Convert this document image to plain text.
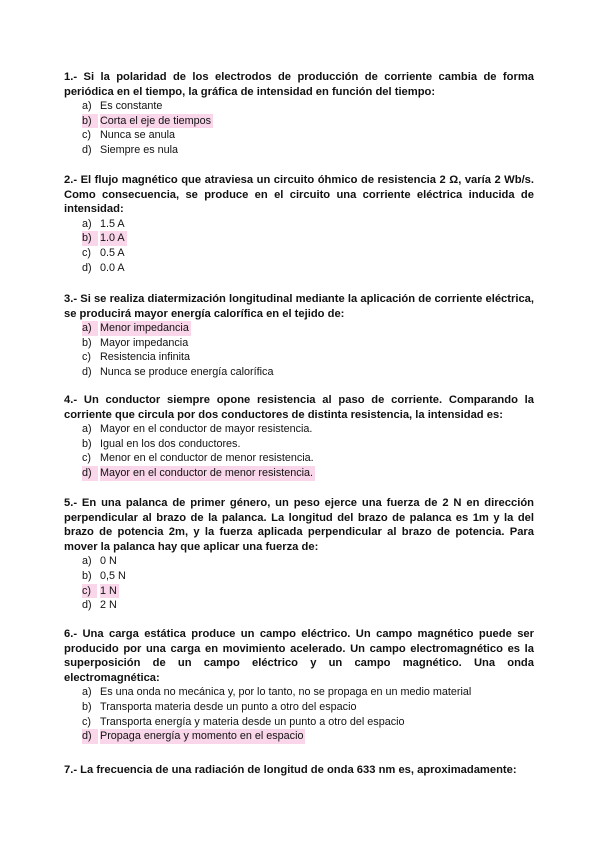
1.- Si la polaridad de los electrodos de producción de corriente cambia de forma periódica en el tiempo, la gráfica de intensidad en función del tiempo:

a) Es constante
b) Corta el eje de tiempos
c) Nunca se anula
d) Siempre es nula

2.- El flujo magnético que atraviesa un circuito óhmico de resistencia 2 Ω, varía 2 Wb/s. Como consecuencia, se produce en el circuito una corriente eléctrica inducida de intensidad:

a) 1.5 A
b) 1.0 A
c) 0.5 A
d) 0.0 A

3.- Si se realiza diatermización longitudinal mediante la aplicación de corriente eléctrica, se producirá mayor energía calorífica en el tejido de:

a) Menor impedancia
b) Mayor impedancia
c) Resistencia infinita
d) Nunca se produce energía calorífica

4.- Un conductor siempre opone resistencia al paso de corriente. Comparando la corriente que circula por dos conductores de distinta resistencia, la intensidad es:

a) Mayor en el conductor de mayor resistencia.
b) Igual en los dos conductores.
c) Menor en el conductor de menor resistencia.
d) Mayor en el conductor de menor resistencia.

5.- En una palanca de primer género, un peso ejerce una fuerza de 2 N en dirección perpendicular al brazo de la palanca. La longitud del brazo de palanca es 1m y la del brazo de potencia 2m, y la fuerza aplicada perpendicular al brazo de potencia. Para mover la palanca hay que aplicar una fuerza de:

a) 0 N
b) 0,5 N
c) 1 N
d) 2 N

6.- Una carga estática produce un campo eléctrico. Un campo magnético puede ser producido por una carga en movimiento acelerado. Un campo electromagnético es la superposición de un campo eléctrico y un campo magnético. Una onda electromagnética:

a) Es una onda no mecánica y, por lo tanto, no se propaga en un medio material
b) Transporta materia desde un punto a otro del espacio
c) Transporta energía y materia desde un punto a otro del espacio
d) Propaga energía y momento en el espacio

7.- La frecuencia de una radiación de longitud de onda 633 nm es, aproximadamente:
